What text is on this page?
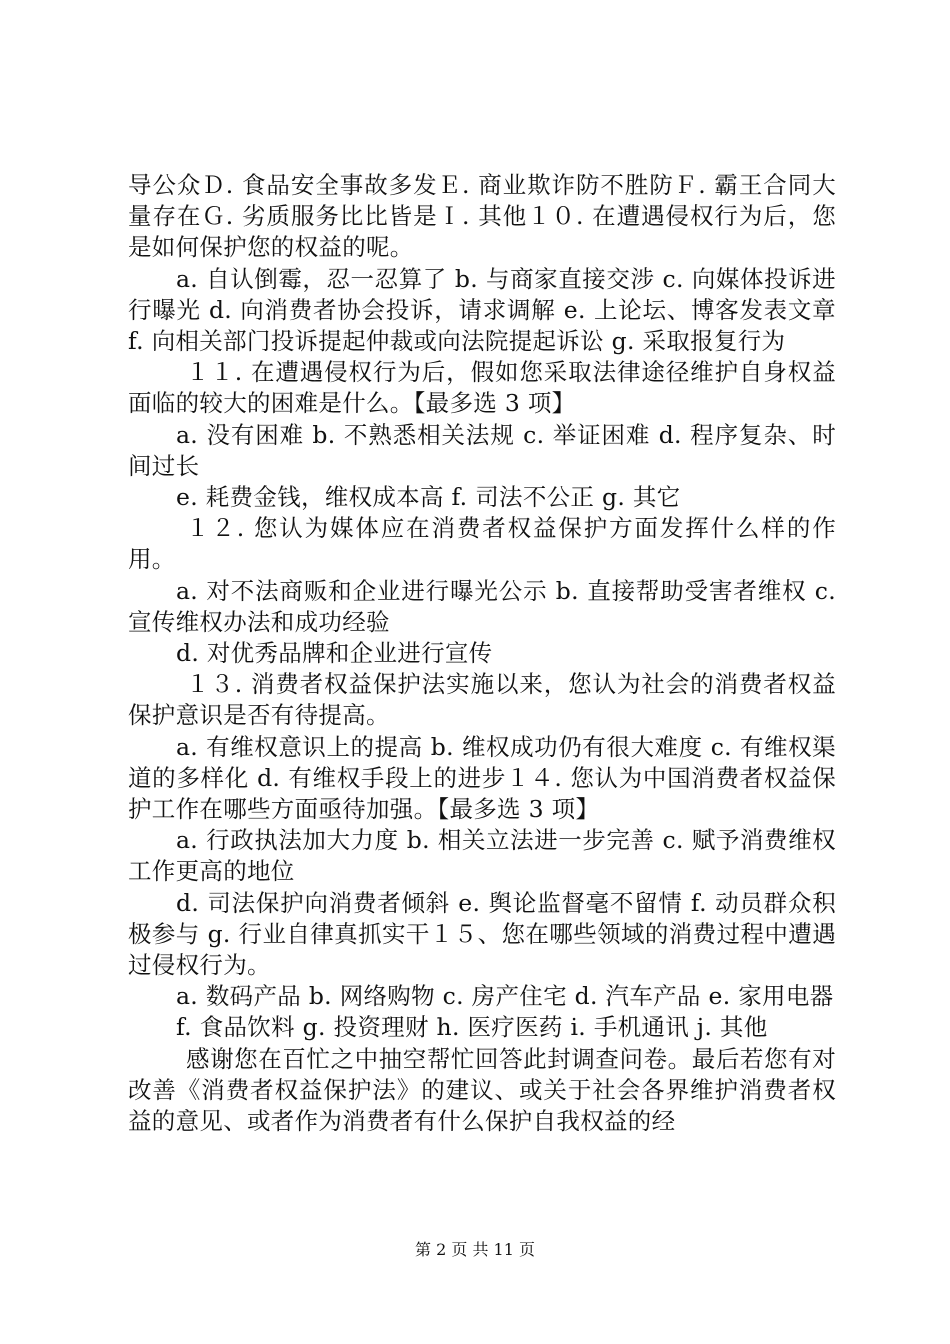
导公众Ｄ. 食品安全事故多发Ｅ. 商业欺诈防不胜防Ｆ. 霸王合同大量存在Ｇ. 劣质服务比比皆是Ｉ. 其他１０. 在遭遇侵权行为后，您是如何保护您的权益的呢。

a. 自认倒霉，忍一忍算了 b. 与商家直接交涉 c. 向媒体投诉进行曝光 d. 向消费者协会投诉，请求调解 e. 上论坛、博客发表文章 f. 向相关部门投诉提起仲裁或向法院提起诉讼 g. 采取报复行为

１１. 在遭遇侵权行为后，假如您采取法律途径维护自身权益面临的较大的困难是什么。【最多选 3 项】

a. 没有困难 b. 不熟悉相关法规 c. 举证困难 d. 程序复杂、时间过长

e. 耗费金钱，维权成本高 f. 司法不公正 g. 其它

１２. 您认为媒体应在消费者权益保护方面发挥什么样的作用。

a. 对不法商贩和企业进行曝光公示 b. 直接帮助受害者维权 c. 宣传维权办法和成功经验

d. 对优秀品牌和企业进行宣传

１３. 消费者权益保护法实施以来，您认为社会的消费者权益保护意识是否有待提高。

a. 有维权意识上的提高 b. 维权成功仍有很大难度 c. 有维权渠道的多样化 d. 有维权手段上的进步１４. 您认为中国消费者权益保护工作在哪些方面亟待加强。【最多选 3 项】

a. 行政执法加大力度 b. 相关立法进一步完善 c. 赋予消费维权工作更高的地位

d. 司法保护向消费者倾斜 e. 舆论监督毫不留情 f. 动员群众积极参与 g. 行业自律真抓实干１５、您在哪些领域的消费过程中遭遇过侵权行为。

a. 数码产品 b. 网络购物 c. 房产住宅 d. 汽车产品 e. 家用电器

f. 食品饮料 g. 投资理财 h. 医疗医药 i. 手机通讯 j. 其他

感谢您在百忙之中抽空帮忙回答此封调查问卷。最后若您有对改善《消费者权益保护法》的建议、或关于社会各界维护消费者权益的意见、或者作为消费者有什么保护自我权益的经

第 2 页 共 11 页
